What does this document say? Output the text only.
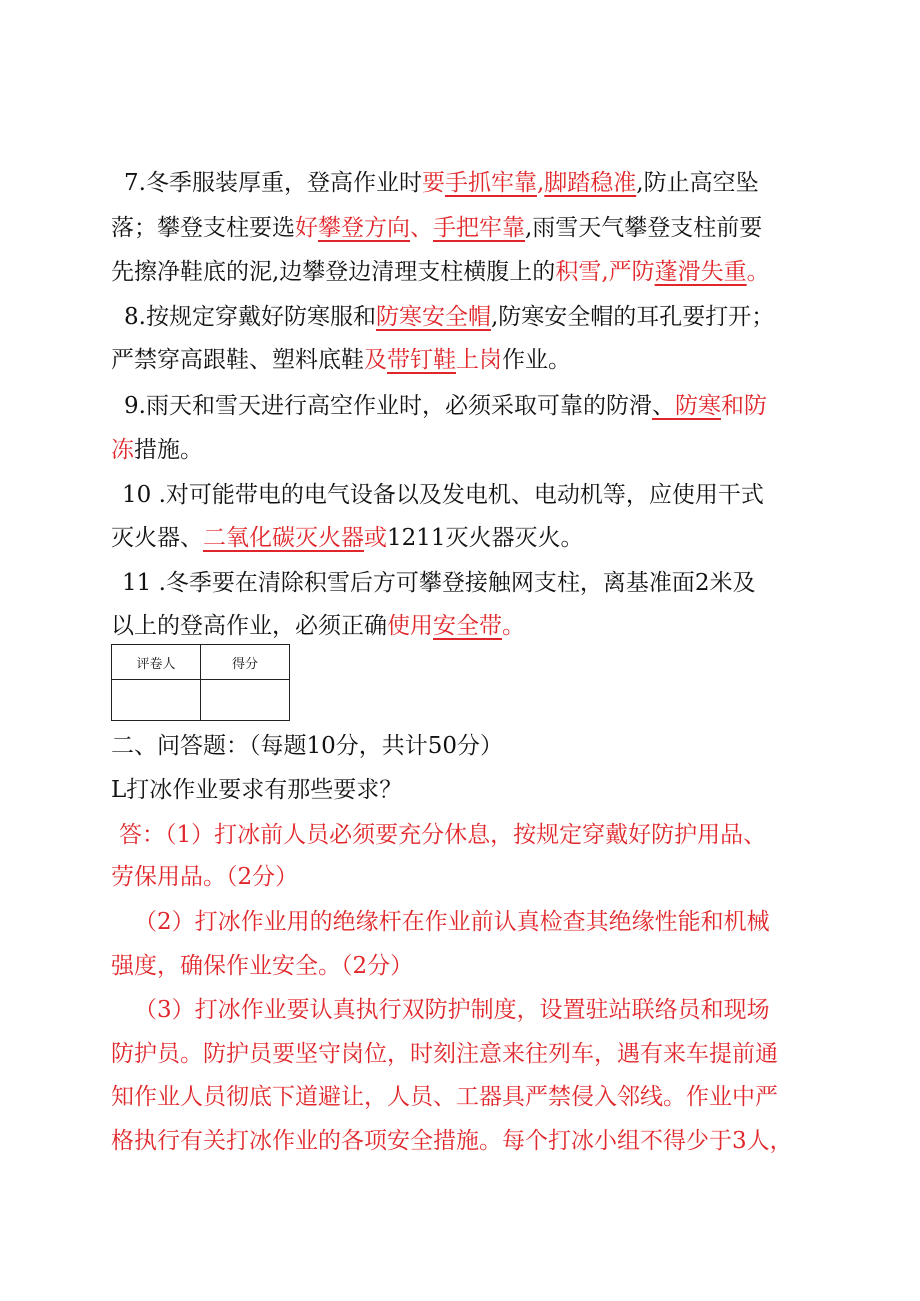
7.冬季服装厚重，登高作业时要手抓牢靠,脚踏稳准,防止高空坠
落；攀登支柱要选好攀登方向、手把牢靠,雨雪天气攀登支柱前要
先擦净鞋底的泥,边攀登边清理支柱横腹上的积雪,严防蓬滑失重。
8.按规定穿戴好防寒服和防寒安全帽,防寒安全帽的耳孔要打开；
严禁穿高跟鞋、塑料底鞋及带钉鞋上岗作业。
9.雨天和雪天进行高空作业时，必须采取可靠的防滑、防寒和防
冻措施。
10 .对可能带电的电气设备以及发电机、电动机等，应使用干式
灭火器、二氧化碳灭火器或1211灭火器灭火。
11 .冬季要在清除积雪后方可攀登接触网支柱，离基准面2米及
以上的登高作业，必须正确使用安全带。
评卷人	得分

二、问答题：（每题10分，共计50分）
L打冰作业要求有那些要求？
答：（1）打冰前人员必须要充分休息，按规定穿戴好防护用品、
劳保用品。（2分）
（2）打冰作业用的绝缘杆在作业前认真检查其绝缘性能和机械
强度，确保作业安全。（2分）
（3）打冰作业要认真执行双防护制度，设置驻站联络员和现场
防护员。防护员要坚守岗位，时刻注意来往列车，遇有来车提前通
知作业人员彻底下道避让，人员、工器具严禁侵入邻线。作业中严
格执行有关打冰作业的各项安全措施。每个打冰小组不得少于3人，
